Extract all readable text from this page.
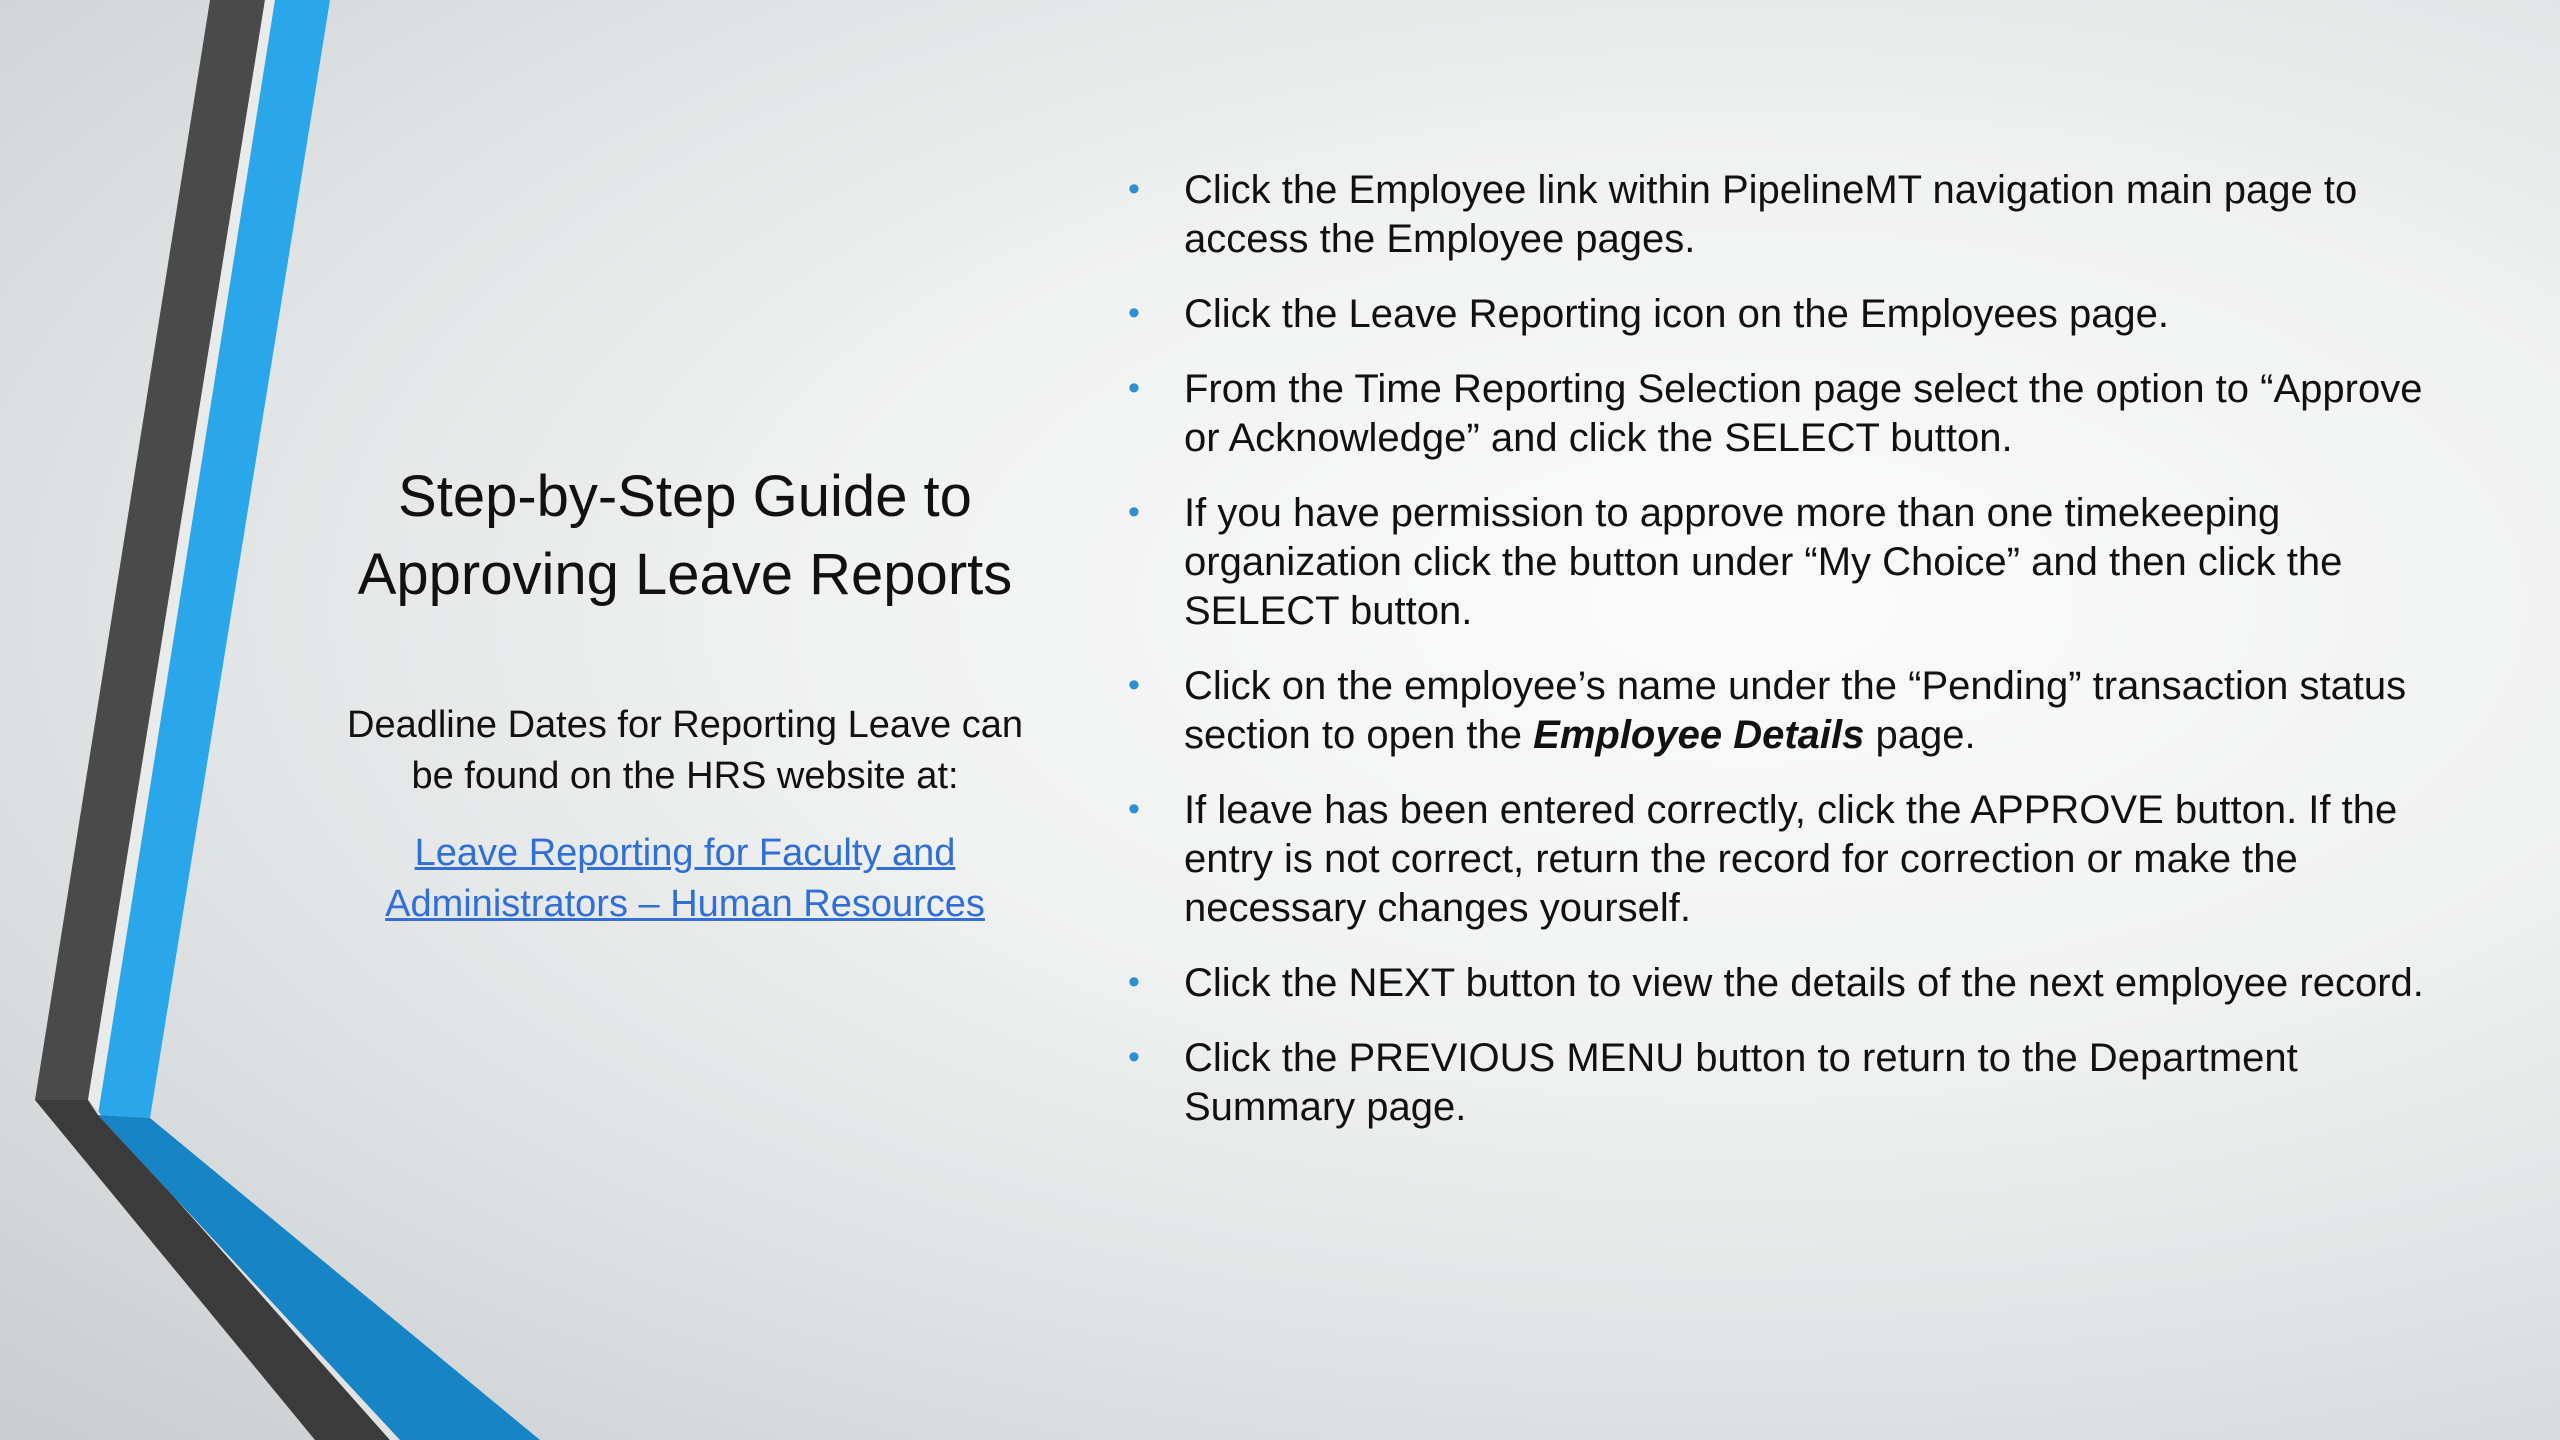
Step-by-Step Guide to
Approving Leave Reports

Deadline Dates for Reporting Leave can
be found on the HRS website at:

Leave Reporting for Faculty and
Administrators – Human Resources

• Click the Employee link within PipelineMT navigation main page to access the Employee pages.
• Click the Leave Reporting icon on the Employees page.
• From the Time Reporting Selection page select the option to “Approve or Acknowledge” and click the SELECT button.
• If you have permission to approve more than one timekeeping organization click the button under “My Choice” and then click the SELECT button.
• Click on the employee’s name under the “Pending” transaction status section to open the Employee Details page.
• If leave has been entered correctly, click the APPROVE button. If the entry is not correct, return the record for correction or make the necessary changes yourself.
• Click the NEXT button to view the details of the next employee record.
• Click the PREVIOUS MENU button to return to the Department Summary page.
